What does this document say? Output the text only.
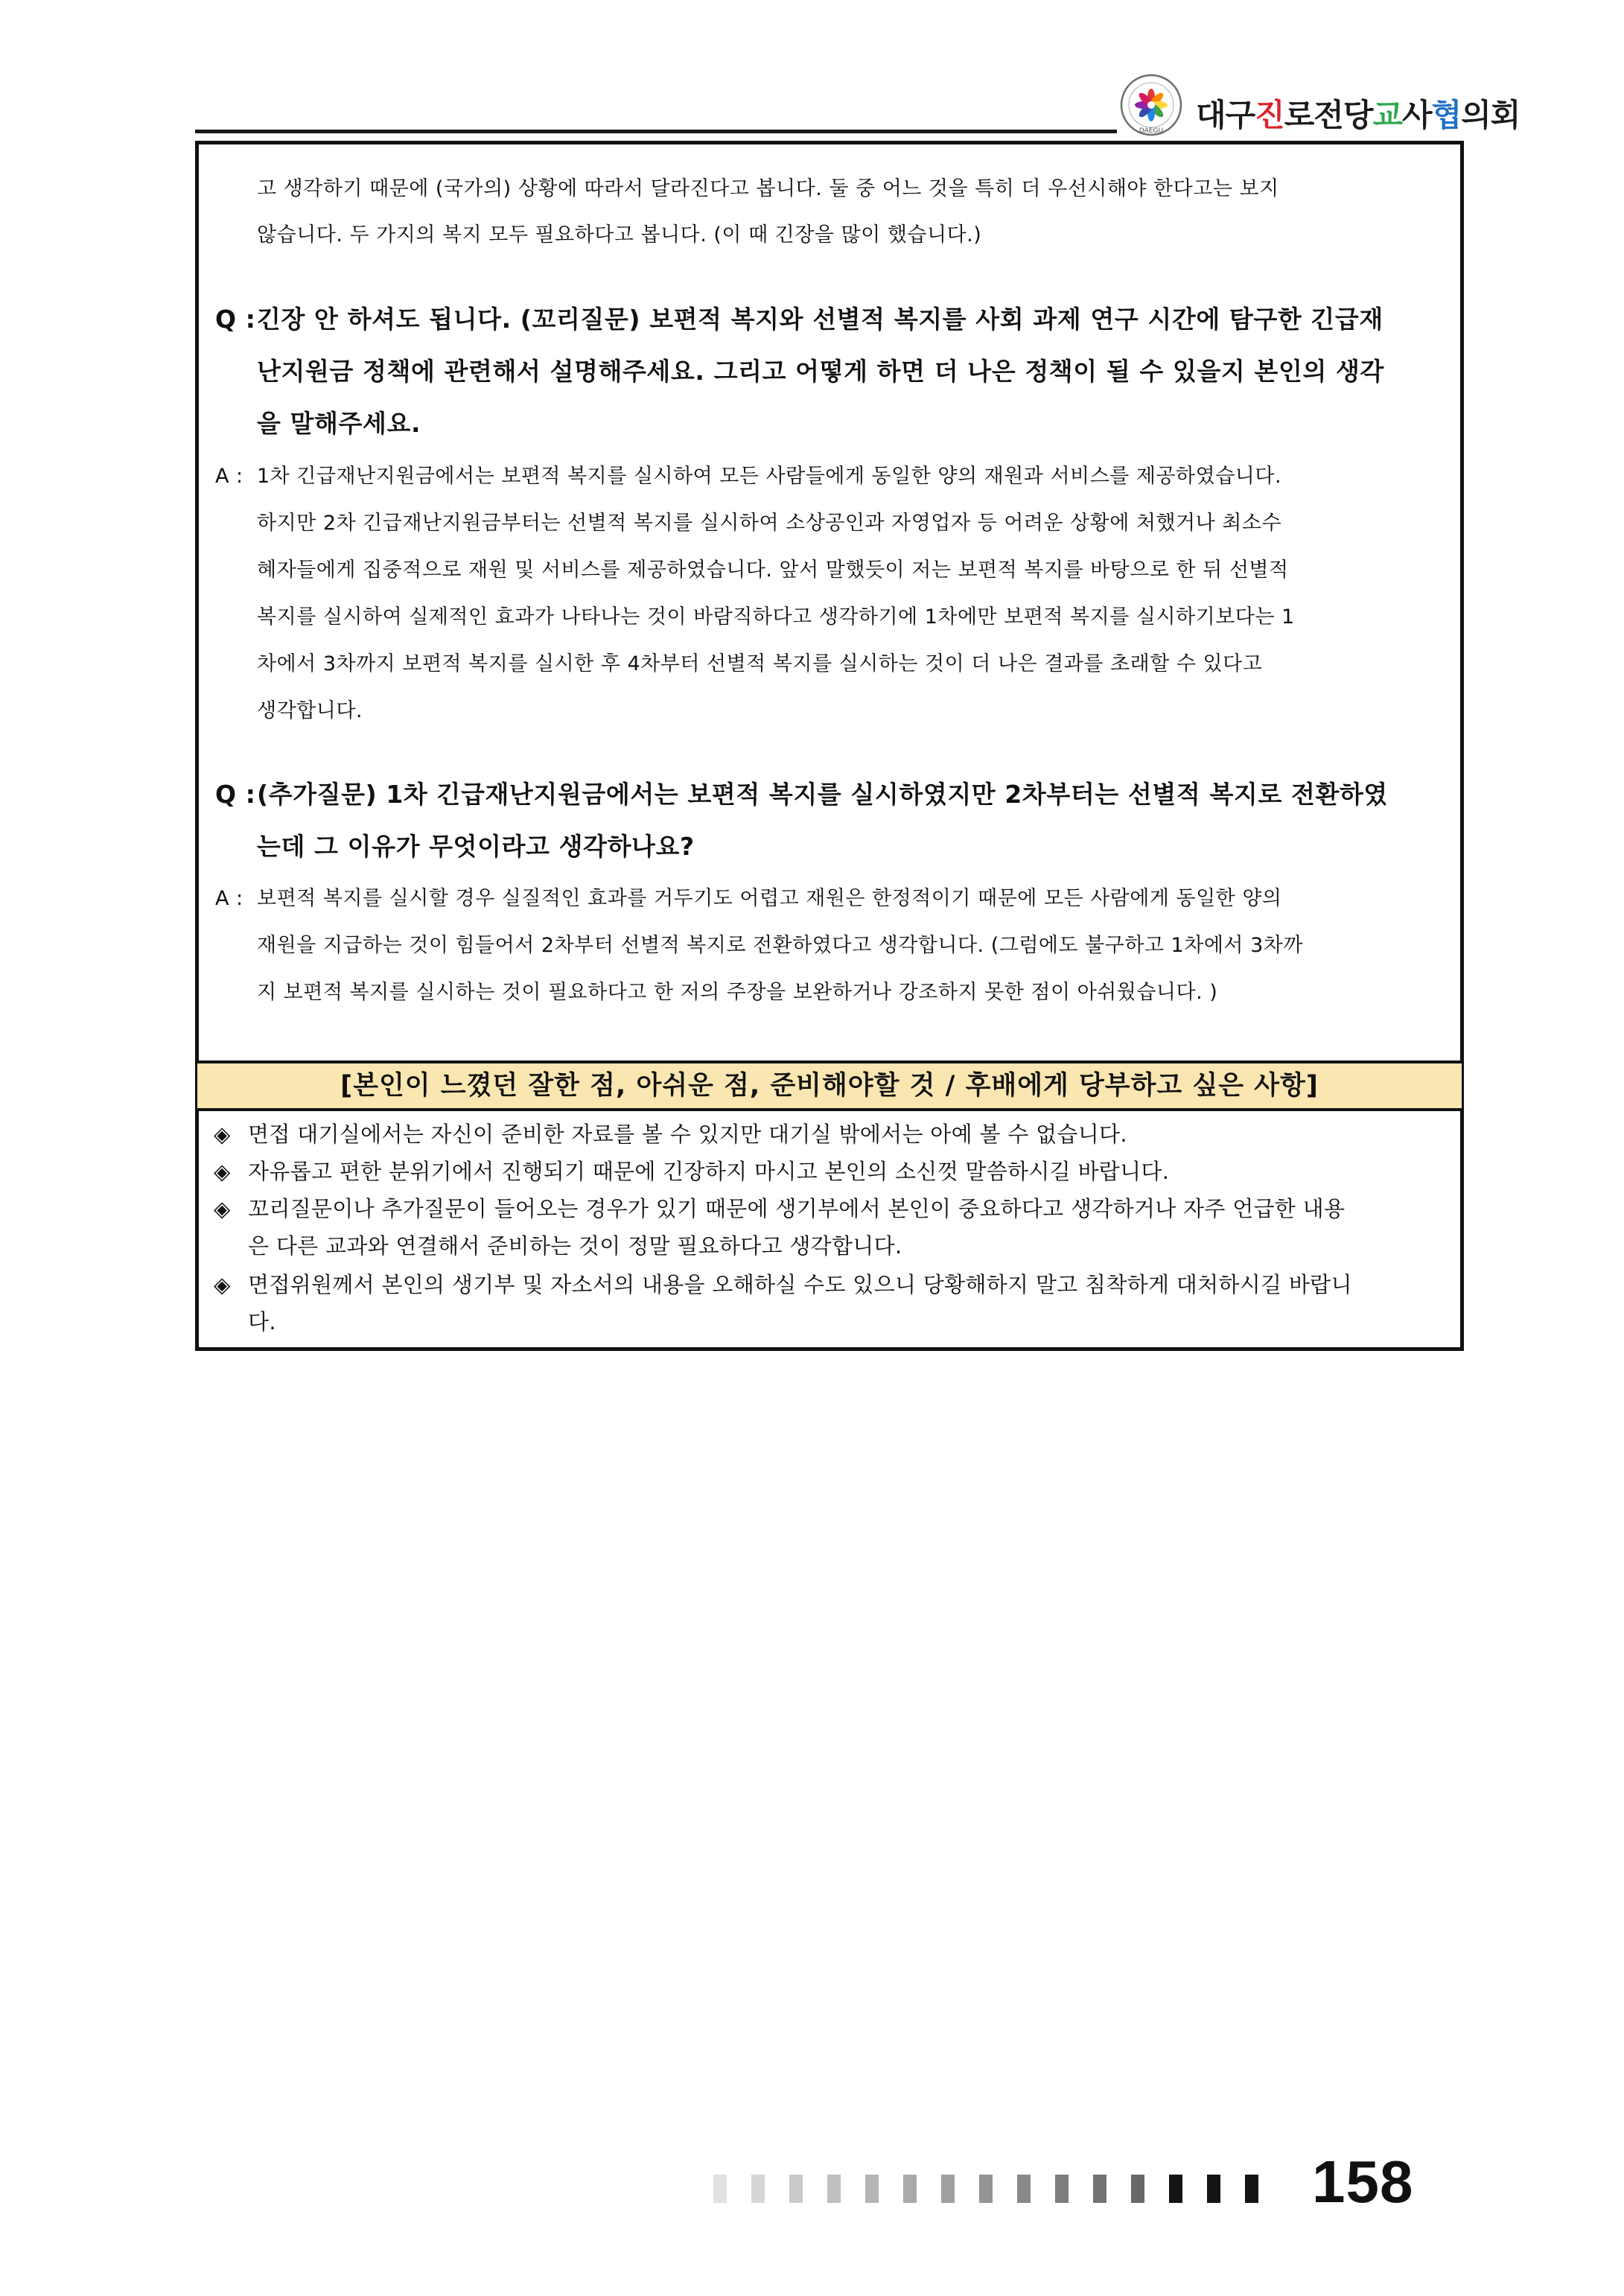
DAEGU 대구진로전당교사협의회
고 생각하기 때문에 (국가의) 상황에 따라서 달라진다고 봅니다. 둘 중 어느 것을 특히 더 우선시해야 한다고는 보지
않습니다. 두 가지의 복지 모두 필요하다고 봅니다. (이 때 긴장을 많이 했습니다.)
Q : 긴장 안 하셔도 됩니다. (꼬리질문) 보편적 복지와 선별적 복지를 사회 과제 연구 시간에 탐구한 긴급재
난지원금 정책에 관련해서 설명해주세요. 그리고 어떻게 하면 더 나은 정책이 될 수 있을지 본인의 생각
을 말해주세요.
A : 1차 긴급재난지원금에서는 보편적 복지를 실시하여 모든 사람들에게 동일한 양의 재원과 서비스를 제공하였습니다.
하지만 2차 긴급재난지원금부터는 선별적 복지를 실시하여 소상공인과 자영업자 등 어려운 상황에 처했거나 최소수
혜자들에게 집중적으로 재원 및 서비스를 제공하였습니다. 앞서 말했듯이 저는 보편적 복지를 바탕으로 한 뒤 선별적
복지를 실시하여 실제적인 효과가 나타나는 것이 바람직하다고 생각하기에 1차에만 보편적 복지를 실시하기보다는 1
차에서 3차까지 보편적 복지를 실시한 후 4차부터 선별적 복지를 실시하는 것이 더 나은 결과를 초래할 수 있다고
생각합니다.
Q : (추가질문) 1차 긴급재난지원금에서는 보편적 복지를 실시하였지만 2차부터는 선별적 복지로 전환하였
는데 그 이유가 무엇이라고 생각하나요?
A : 보편적 복지를 실시할 경우 실질적인 효과를 거두기도 어렵고 재원은 한정적이기 때문에 모든 사람에게 동일한 양의
재원을 지급하는 것이 힘들어서 2차부터 선별적 복지로 전환하였다고 생각합니다. (그럼에도 불구하고 1차에서 3차까
지 보편적 복지를 실시하는 것이 필요하다고 한 저의 주장을 보완하거나 강조하지 못한 점이 아쉬웠습니다. )
[본인이 느꼈던 잘한 점, 아쉬운 점, 준비해야할 것 / 후배에게 당부하고 싶은 사항]
◈ 면접 대기실에서는 자신이 준비한 자료를 볼 수 있지만 대기실 밖에서는 아예 볼 수 없습니다.
◈ 자유롭고 편한 분위기에서 진행되기 때문에 긴장하지 마시고 본인의 소신껏 말씀하시길 바랍니다.
◈ 꼬리질문이나 추가질문이 들어오는 경우가 있기 때문에 생기부에서 본인이 중요하다고 생각하거나 자주 언급한 내용
은 다른 교과와 연결해서 준비하는 것이 정말 필요하다고 생각합니다.
◈ 면접위원께서 본인의 생기부 및 자소서의 내용을 오해하실 수도 있으니 당황해하지 말고 침착하게 대처하시길 바랍니
다.
158
